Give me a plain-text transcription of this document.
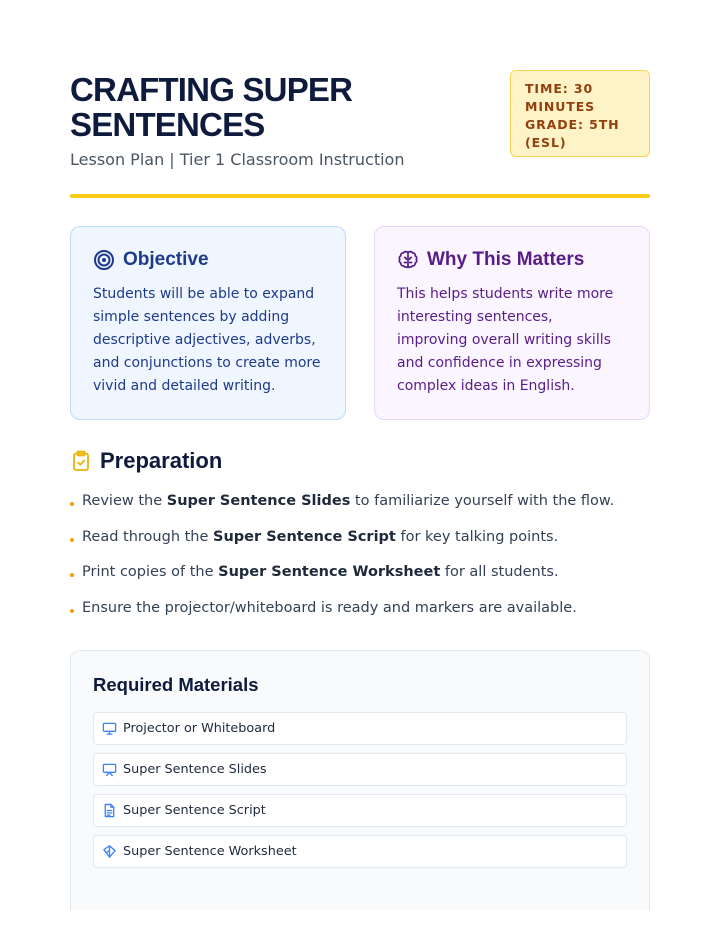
CRAFTING SUPER
SENTENCES
Lesson Plan | Tier 1 Classroom Instruction
TIME: 30
MINUTES
GRADE: 5TH
(ESL)
Objective

Students will be able to expand simple sentences by adding descriptive adjectives, adverbs, and conjunctions to create more vivid and detailed writing.

Why This Matters

This helps students write more interesting sentences, improving overall writing skills and confidence in expressing complex ideas in English.

Preparation
Review the Super Sentence Slides to familiarize yourself with the flow.
Read through the Super Sentence Script for key talking points.
Print copies of the Super Sentence Worksheet for all students.
Ensure the projector/whiteboard is ready and markers are available.
Required Materials
Projector or Whiteboard
Super Sentence Slides
Super Sentence Script
Super Sentence Worksheet
